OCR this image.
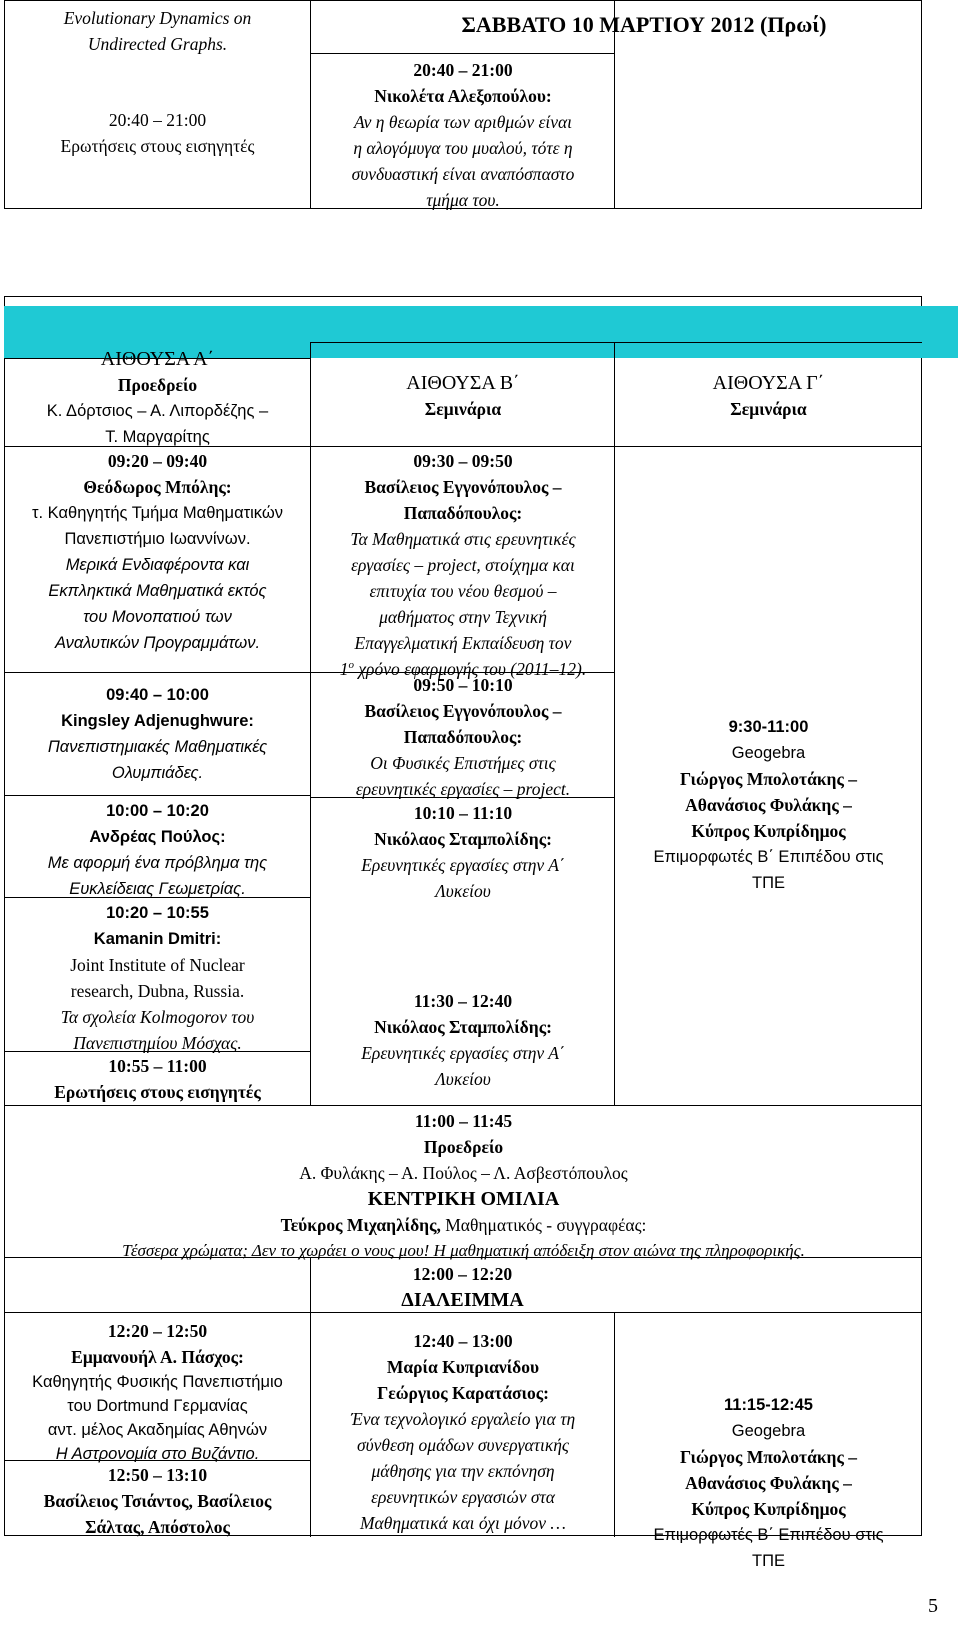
Evolutionary Dynamics on
Undirected Graphs.
20:40 – 21:00
Ερωτήσεις στους εισηγητές
20:40 – 21:00
Νικολέτα Αλεξοπούλου:
Αν η θεωρία των αριθμών είναι
η αλογόμυγα του μυαλού, τότε η
συνδυαστική είναι αναπόσπαστο
τμήμα του.
ΣΑΒΒΑΤΟ 10 ΜΑΡΤΙΟΥ 2012 (Πρωί)
ΑΙΘΟΥΣΑ Α΄
Προεδρείο
Κ. Δόρτσιος – Α. Λιπορδέζης –
Τ. Μαργαρίτης
09:20 – 09:40
Θεόδωρος Μπόλης:
τ. Καθηγητής Τμήμα Μαθηματικών
Πανεπιστήμιο Ιωαννίνων.
Μερικά Ενδιαφέροντα και
Εκπληκτικά Μαθηματικά εκτός
του Μονοπατιού των
Αναλυτικών Προγραμμάτων.
09:40 – 10:00
Kingsley Adjenughwure:
Πανεπιστημιακές Μαθηματικές
Ολυμπιάδες.
10:00 – 10:20
Ανδρέας Πούλος:
Με αφορμή ένα πρόβλημα της
Ευκλείδειας Γεωμετρίας.
10:20 – 10:55
Kamanin Dmitri:
Joint Institute of Nuclear
research, Dubna, Russia.
Τα σχολεία Kolmogorov του
Πανεπιστημίου Μόσχας.
10:55 – 11:00
Ερωτήσεις στους εισηγητές
ΑΙΘΟΥΣΑ Β΄
Σεμινάρια
09:30 – 09:50
Βασίλειος Εγγονόπουλος –
Παπαδόπουλος:
Τα Μαθηματικά στις ερευνητικές
εργασίες – project, στοίχημα και
επιτυχία του νέου θεσμού –
μαθήματος στην Τεχνική
Επαγγελματική Εκπαίδευση τον
$1^o$ χρόνο εφαρμογής του (2011–12).
09:50 – 10:10
Βασίλειος Εγγονόπουλος –
Παπαδόπουλος:
Οι Φυσικές Επιστήμες στις
ερευνητικές εργασίες – project.
10:10 – 11:10
Νικόλαος Σταμπολίδης:
Ερευνητικές εργασίες στην Α΄
Λυκείου
11:30 – 12:40
Νικόλαος Σταμπολίδης:
Ερευνητικές εργασίες στην Α΄
Λυκείου
ΑΙΘΟΥΣΑ Γ΄
Σεμινάρια
9:30-11:00
Geogebra
Γιώργος Μπολοτάκης –
Αθανάσιος Φυλάκης –
Κύπρος Κυπρίδημος
Επιμορφωτές Β΄ Επιπέδου στις
ΤΠΕ
11:00 – 11:45
Προεδρείο
Α. Φυλάκης – Α. Πούλος – Λ. Ασβεστόπουλος
ΚΕΝΤΡΙΚΗ ΟΜΙΛΙΑ
Τεύκρος Μιχαηλίδης, Μαθηματικός - συγγραφέας:
Τέσσερα χρώματα; Δεν το χωράει ο νους μου! Η μαθηματική απόδειξη στον αιώνα της πληροφορικής.
12:00 – 12:20
ΔΙΑΛΕΙΜΜΑ
12:20 – 12:50
Εμμανουήλ Α. Πάσχος:
Καθηγητής Φυσικής Πανεπιστήμιο
του Dortmund Γερμανίας
αντ. μέλος Ακαδημίας Αθηνών
Η Αστρονομία στο Βυζάντιο.
12:50 – 13:10
Βασίλειος Τσιάντος, Βασίλειος
Σάλτας, Απόστολος
12:40 – 13:00
Μαρία Κυπριανίδου
Γεώργιος Καρατάσιος:
Ένα τεχνολογικό εργαλείο για τη
σύνθεση ομάδων συνεργατικής
μάθησης για την εκπόνηση
ερευνητικών εργασιών στα
Μαθηματικά και όχι μόνον …
11:15-12:45
Geogebra
Γιώργος Μπολοτάκης –
Αθανάσιος Φυλάκης –
Κύπρος Κυπρίδημος
Επιμορφωτές Β΄ Επιπέδου στις
ΤΠΕ
5
